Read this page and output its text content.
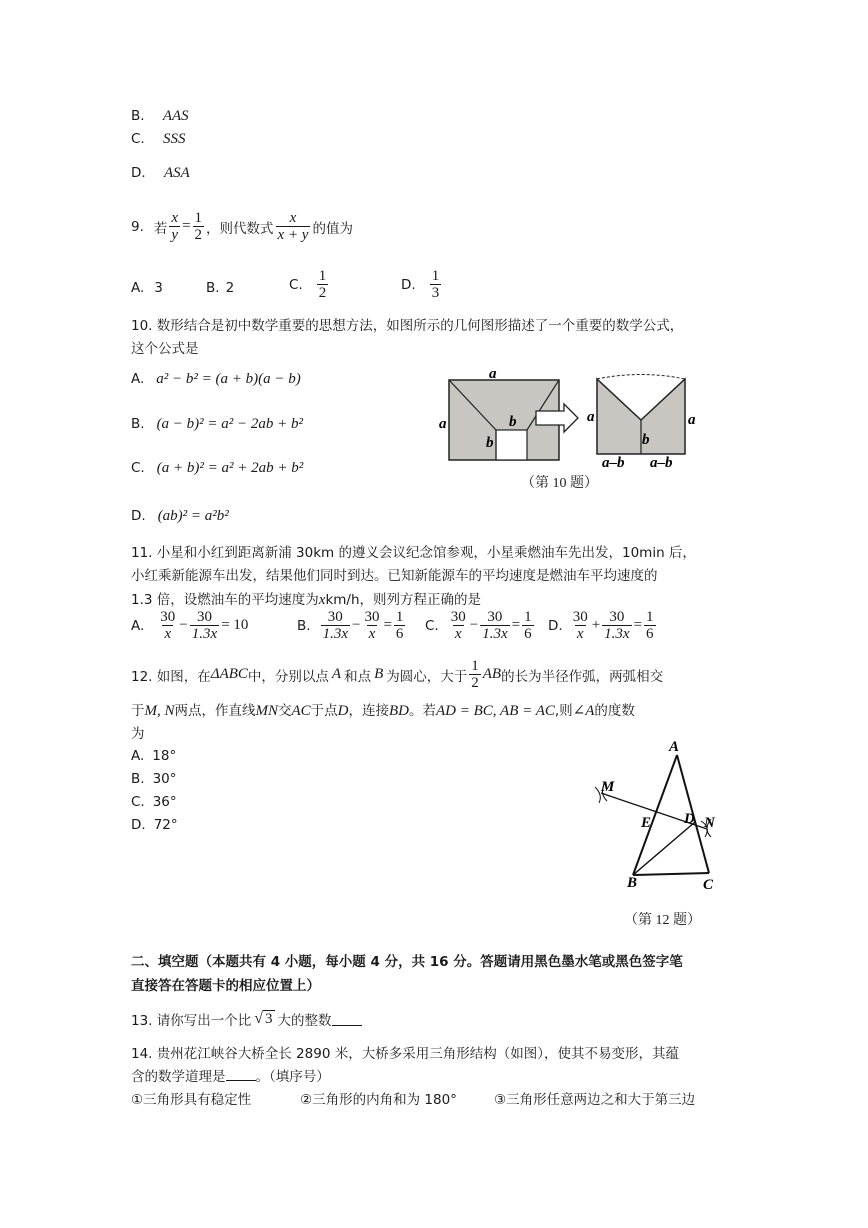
B. AAS
C. SSS
D. ASA
9. 若 $\frac{x}{y} = \frac{1}{2}$ ，则代数式 $\frac{x}{x + y}$ 的值为
A. 3	B. 2	C. $\frac{1}{2}$	D. $\frac{1}{3}$
10. 数形结合是初中数学重要的思想方法，如图所示的几何图形描述了一个重要的数学公式，
这个公式是
A. a² − b² = (a + b)(a − b)
B. (a − b)² = a² − 2ab + b²
C. (a + b)² = a² + 2ab + b²
D. (ab)² = a²b²
a
a	b
b
a	a
b
a–b a–b
（第 10 题）
11. 小星和小红到距离新浦 30km 的遵义会议纪念馆参观，小星乘燃油车先出发，10min 后，
小红乘新能源车出发，结果他们同时到达。已知新能源车的平均速度是燃油车平均速度的
1.3 倍，设燃油车的平均速度为xkm/h，则列方程正确的是
A. $\frac{30}{x} - \frac{30}{1.3x} = 10$	B. $\frac{30}{1.3x} - \frac{30}{x} = \frac{1}{6} C$. $\frac{30}{x} - \frac{30}{1.3x} = \frac{1}{6} D$. $\frac{30}{x} + \frac{30}{1.3x} = \frac{1}{6}$
12. 如图，在 ΔABC 中，分别以点 A 和点 B 为圆心，大于 $\frac{1}{2}$ AB 的长为半径作弧，两弧相交
于M, N两点，作直线MN交AC于点D，连接BD。若AD = BC, AB = AC,则∠A的度数
为
A. 18°
B. 30°
C. 36°
D. 72°
A
M
E D N
B	C
（第 12 题）
二、填空题（本题共有 4 小题，每小题 4 分，共 16 分。答题请用黑色墨水笔或黑色签字笔
直接答在答题卡的相应位置上）
13. 请你写出一个比 √ 3 大的整数
14. 贵州花江峡谷大桥全长 2890 米，大桥多采用三角形结构（如图），使其不易变形，其蕴
含的数学道理是 。（填序号）
①三角形具有稳定性	②三角形的内角和为 180°	③三角形任意两边之和大于第三边
